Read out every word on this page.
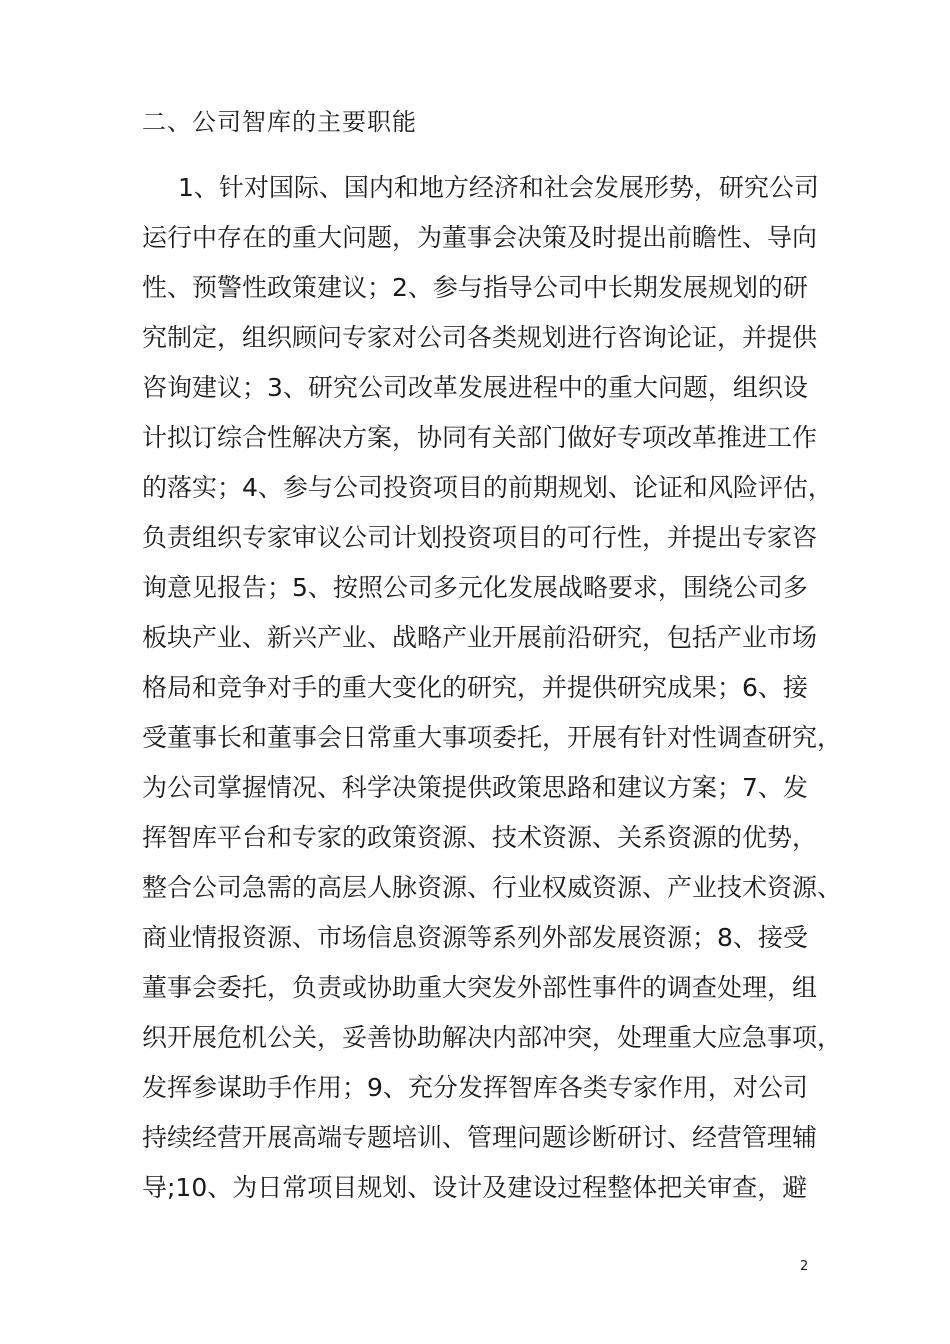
二、公司智库的主要职能
1、针对国际、国内和地方经济和社会发展形势，研究公司
运行中存在的重大问题，为董事会决策及时提出前瞻性、导向
性、预警性政策建议；2、参与指导公司中长期发展规划的研
究制定，组织顾问专家对公司各类规划进行咨询论证，并提供
咨询建议；3、研究公司改革发展进程中的重大问题，组织设
计拟订综合性解决方案，协同有关部门做好专项改革推进工作
的落实；4、参与公司投资项目的前期规划、论证和风险评估，
负责组织专家审议公司计划投资项目的可行性，并提出专家咨
询意见报告；5、按照公司多元化发展战略要求，围绕公司多
板块产业、新兴产业、战略产业开展前沿研究，包括产业市场
格局和竞争对手的重大变化的研究，并提供研究成果；6、接
受董事长和董事会日常重大事项委托，开展有针对性调查研究，
为公司掌握情况、科学决策提供政策思路和建议方案；7、发
挥智库平台和专家的政策资源、技术资源、关系资源的优势，
整合公司急需的高层人脉资源、行业权威资源、产业技术资源、
商业情报资源、市场信息资源等系列外部发展资源；8、接受
董事会委托，负责或协助重大突发外部性事件的调查处理，组
织开展危机公关，妥善协助解决内部冲突，处理重大应急事项，
发挥参谋助手作用；9、充分发挥智库各类专家作用，对公司
持续经营开展高端专题培训、管理问题诊断研讨、经营管理辅
导;10、为日常项目规划、设计及建设过程整体把关审查，避
2
